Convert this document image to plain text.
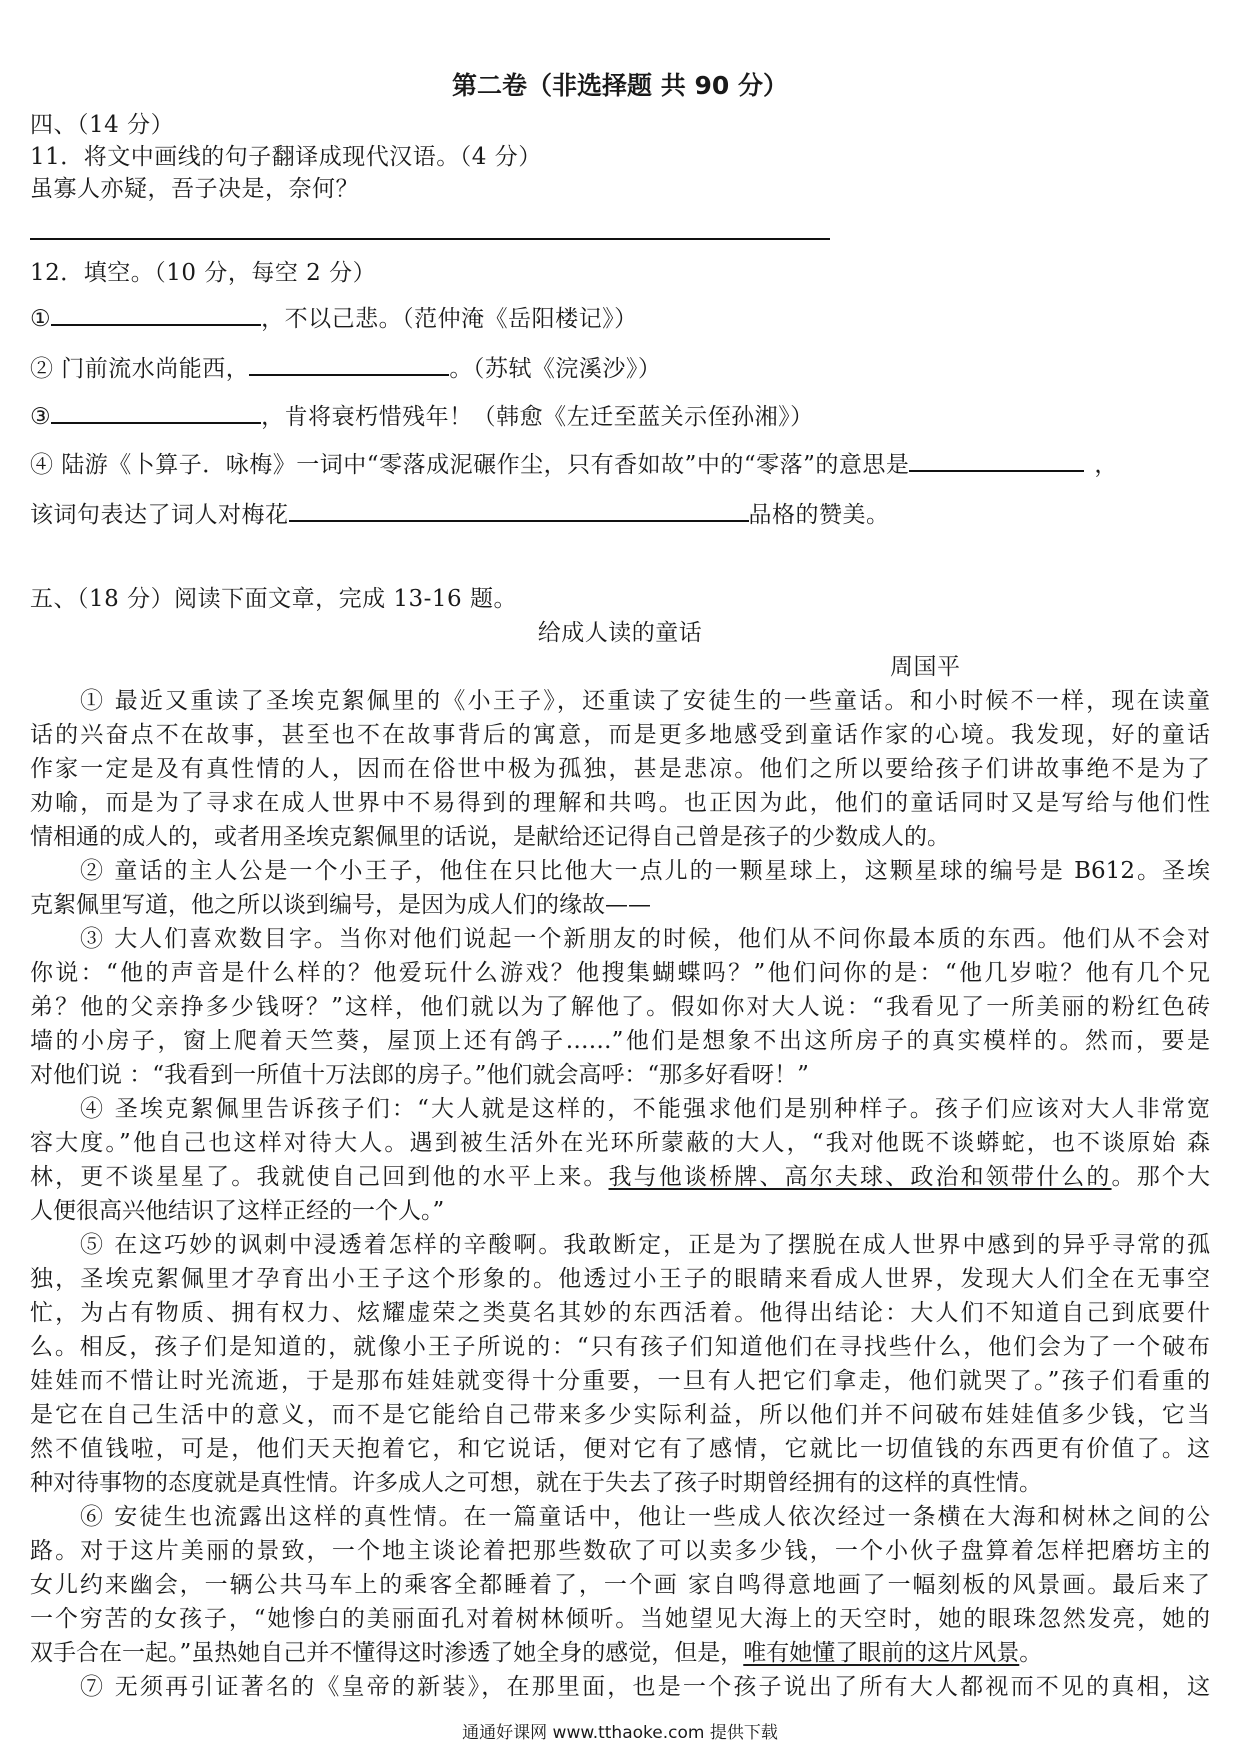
第二卷（非选择题 共 90 分）
四、（14 分）
11．将文中画线的句子翻译成现代汉语。（4 分）
虽寡人亦疑，吾子决是，奈何？
12．填空。（10 分，每空 2 分）
①	，不以己悲。（范仲淹《岳阳楼记》）
② 门前流水尚能西，	。（苏轼《浣溪沙》）
③	，肯将衰朽惜残年！（韩愈《左迁至蓝关示侄孙湘》）
④ 陆游《卜算子．咏梅》一词中“零落成泥碾作尘，只有香如故”中的“零落”的意思是	，
该词句表达了词人对梅花	品格的赞美。
五、（18 分）阅读下面文章，完成 13-16 题。
给成人读的童话
周国平
① 最近又重读了圣埃克絮佩里的《小王子》，还重读了安徒生的一些童话。和小时候不一样，现在读童
话的兴奋点不在故事，甚至也不在故事背后的寓意，而是更多地感受到童话作家的心境。我发现，好的童话
作家一定是及有真性情的人，因而在俗世中极为孤独，甚是悲凉。他们之所以要给孩子们讲故事绝不是为了
劝喻，而是为了寻求在成人世界中不易得到的理解和共鸣。也正因为此，他们的童话同时又是写给与他们性
情相通的成人的，或者用圣埃克絮佩里的话说，是献给还记得自己曾是孩子的少数成人的。
② 童话的主人公是一个小王子，他住在只比他大一点儿的一颗星球上，这颗星球的编号是 B612。圣埃
克絮佩里写道，他之所以谈到编号，是因为成人们的缘故——
③ 大人们喜欢数目字。当你对他们说起一个新朋友的时候，他们从不问你最本质的东西。他们从不会对
你说：“他的声音是什么样的？他爱玩什么游戏？他搜集蝴蝶吗？”他们问你的是：“他几岁啦？他有几个兄
弟？他的父亲挣多少钱呀？”这样，他们就以为了解他了。假如你对大人说：“我看见了一所美丽的粉红色砖
墙的小房子，窗上爬着天竺葵，屋顶上还有鸽子……”他们是想象不出这所房子的真实模样的。然而，要是
对他们说 ：“我看到一所值十万法郎的房子。”他们就会高呼：“那多好看呀！”
④ 圣埃克絮佩里告诉孩子们：“大人就是这样的，不能强求他们是别种样子。孩子们应该对大人非常宽
容大度。”他自己也这样对待大人。遇到被生活外在光环所蒙蔽的大人，“我对他既不谈蟒蛇，也不谈原始 森
林，更不谈星星了。我就使自己回到他的水平上来。我与他谈桥牌、高尔夫球、政治和领带什么的。那个大
人便很高兴他结识了这样正经的一个人。”
⑤ 在这巧妙的讽刺中浸透着怎样的辛酸啊。我敢断定，正是为了摆脱在成人世界中感到的异乎寻常的孤
独，圣埃克絮佩里才孕育出小王子这个形象的。他透过小王子的眼睛来看成人世界，发现大人们全在无事空
忙，为占有物质、拥有权力、炫耀虚荣之类莫名其妙的东西活着。他得出结论：大人们不知道自己到底要什
么。相反，孩子们是知道的，就像小王子所说的：“只有孩子们知道他们在寻找些什么，他们会为了一个破布
娃娃而不惜让时光流逝，于是那布娃娃就变得十分重要，一旦有人把它们拿走，他们就哭了。”孩子们看重的
是它在自己生活中的意义，而不是它能给自己带来多少实际利益，所以他们并不问破布娃娃值多少钱，它当
然不值钱啦，可是，他们天天抱着它，和它说话，便对它有了感情，它就比一切值钱的东西更有价值了。这
种对待事物的态度就是真性情。许多成人之可想，就在于失去了孩子时期曾经拥有的这样的真性情。
⑥ 安徒生也流露出这样的真性情。在一篇童话中，他让一些成人依次经过一条横在大海和树林之间的公
路。对于这片美丽的景致，一个地主谈论着把那些数砍了可以卖多少钱，一个小伙子盘算着怎样把磨坊主的
女儿约来幽会，一辆公共马车上的乘客全都睡着了，一个画 家自鸣得意地画了一幅刻板的风景画。最后来了
一个穷苦的女孩子，“她惨白的美丽面孔对着树林倾听。当她望见大海上的天空时，她的眼珠忽然发亮，她的
双手合在一起。”虽热她自己并不懂得这时渗透了她全身的感觉，但是，唯有她懂了眼前的这片风景。
⑦ 无须再引证著名的《皇帝的新装》，在那里面，也是一个孩子说出了所有大人都视而不见的真相，这
通通好课网 www.tthaoke.com 提供下载
